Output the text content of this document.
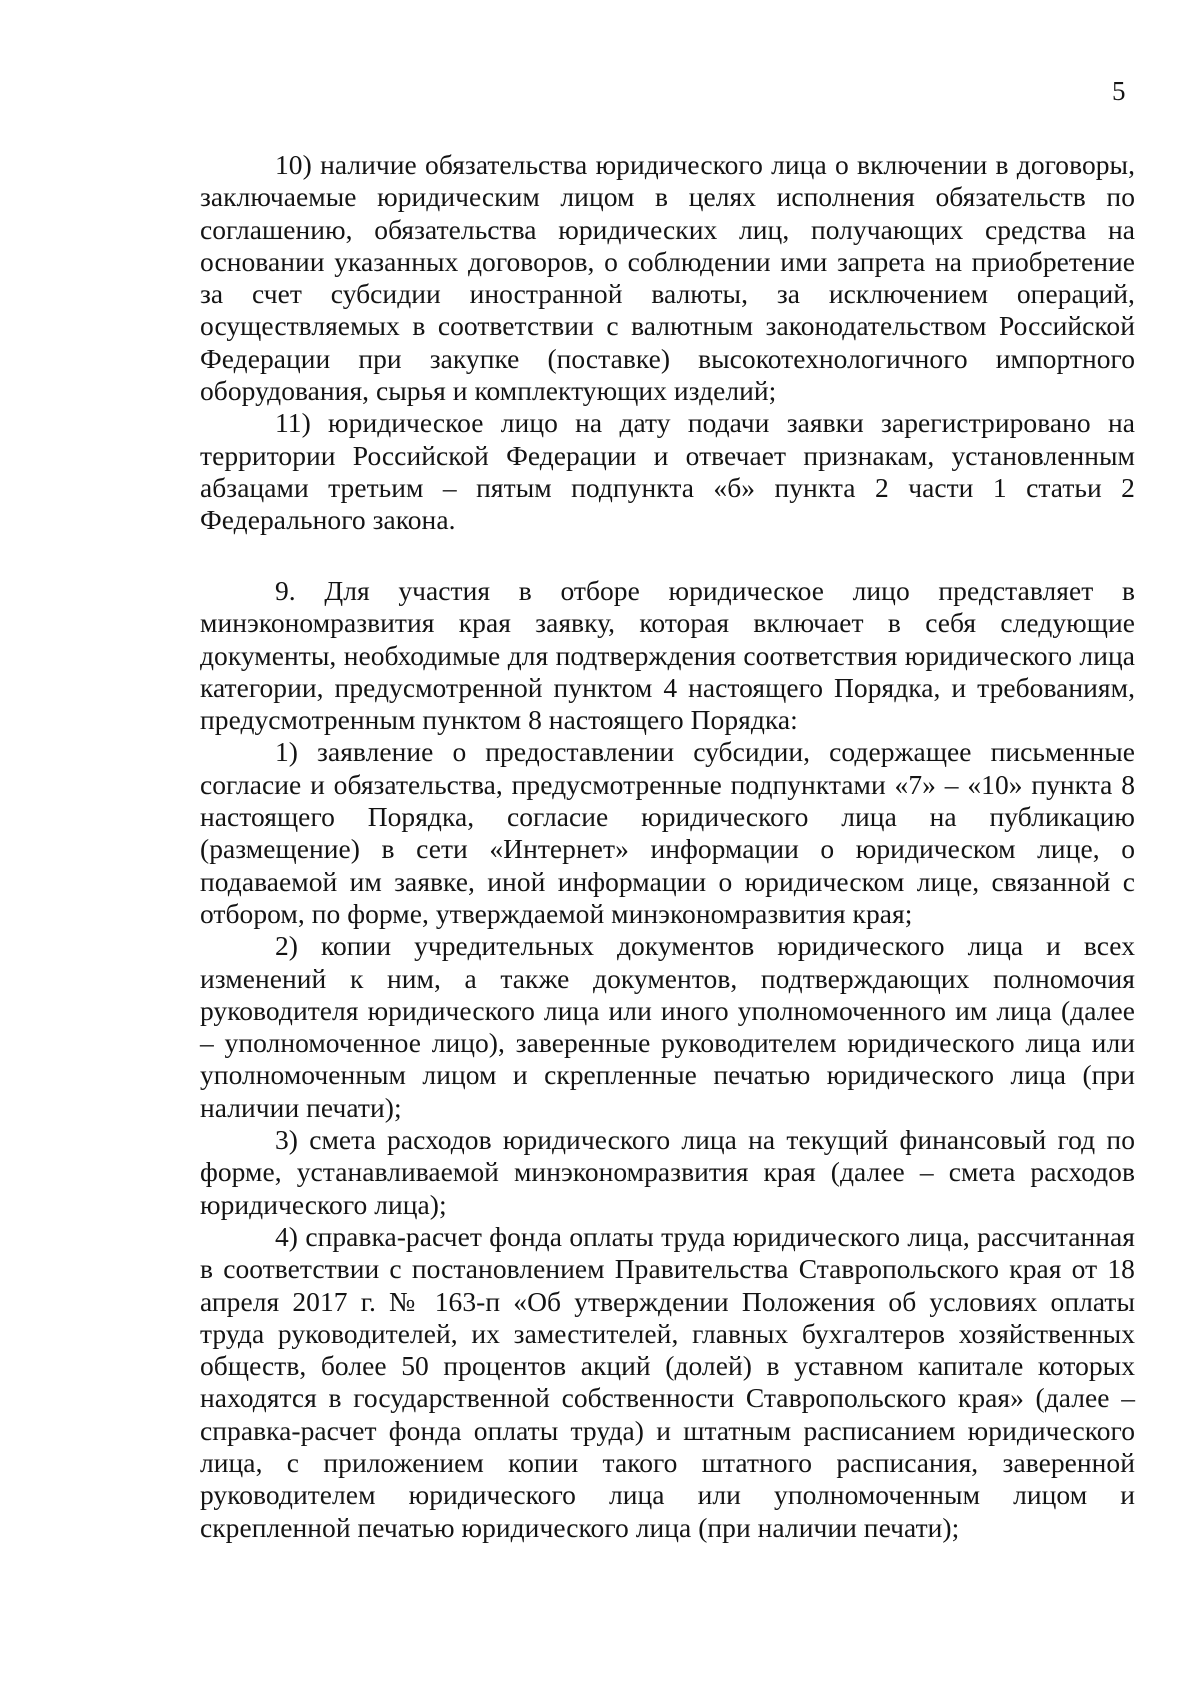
5

10) наличие обязательства юридического лица о включении в договоры, заключаемые юридическим лицом в целях исполнения обязательств по соглашению, обязательства юридических лиц, получающих средства на основании указанных договоров, о соблюдении ими запрета на приобретение за счет субсидии иностранной валюты, за исключением операций, осуществляемых в соответствии с валютным законодательством Российской Федерации при закупке (поставке) высокотехнологичного импортного оборудования, сырья и комплектующих изделий;

11) юридическое лицо на дату подачи заявки зарегистрировано на территории Российской Федерации и отвечает признакам, установленным абзацами третьим – пятым подпункта «б» пункта 2 части 1 статьи 2 Федерального закона.

9. Для участия в отборе юридическое лицо представляет в минэкономразвития края заявку, которая включает в себя следующие документы, необходимые для подтверждения соответствия юридического лица категории, предусмотренной пунктом 4 настоящего Порядка, и требованиям, предусмотренным пунктом 8 настоящего Порядка:

1) заявление о предоставлении субсидии, содержащее письменные согласие и обязательства, предусмотренные подпунктами «7» – «10» пункта 8 настоящего Порядка, согласие юридического лица на публикацию (размещение) в сети «Интернет» информации о юридическом лице, о подаваемой им заявке, иной информации о юридическом лице, связанной с отбором, по форме, утверждаемой минэкономразвития края;

2) копии учредительных документов юридического лица и всех изменений к ним, а также документов, подтверждающих полномочия руководителя юридического лица или иного уполномоченного им лица (далее – уполномоченное лицо), заверенные руководителем юридического лица или уполномоченным лицом и скрепленные печатью юридического лица (при наличии печати);

3) смета расходов юридического лица на текущий финансовый год по форме, устанавливаемой минэкономразвития края (далее – смета расходов юридического лица);

4) справка-расчет фонда оплаты труда юридического лица, рассчитанная в соответствии с постановлением Правительства Ставропольского края от 18 апреля 2017 г. № 163-п «Об утверждении Положения об условиях оплаты труда руководителей, их заместителей, главных бухгалтеров хозяйственных обществ, более 50 процентов акций (долей) в уставном капитале которых находятся в государственной собственности Ставропольского края» (далее – справка-расчет фонда оплаты труда) и штатным расписанием юридического лица, с приложением копии такого штатного расписания, заверенной руководителем юридического лица или уполномоченным лицом и скрепленной печатью юридического лица (при наличии печати);
